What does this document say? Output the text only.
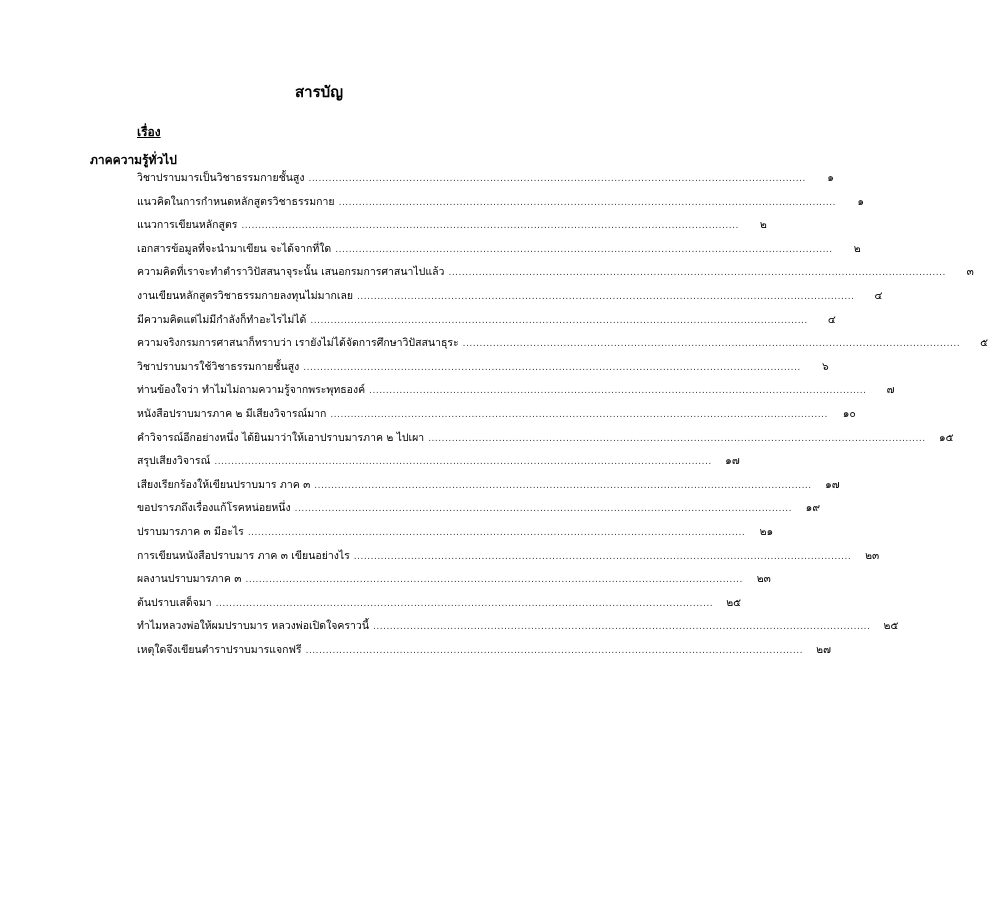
สารบัญ
เรื่อง
ภาคความรู้ทั่วไป
วิชาปราบมารเป็นวิชาธรรมกายชั้นสูง ....................................................................................................................................................	๑
แนวคิดในการกำหนดหลักสูตรวิชาธรรมกาย ....................................................................................................................................................	๑
แนวการเขียนหลักสูตร ....................................................................................................................................................	๒
เอกสารข้อมูลที่จะนำมาเขียน จะได้จากที่ใด ....................................................................................................................................................	๒
ความคิดที่เราจะทำตำราวิปัสสนาจุระนั้น เสนอกรมการศาสนาไปแล้ว ....................................................................................................................................................	๓
งานเขียนหลักสูตรวิชาธรรมกายลงทุนไม่มากเลย ....................................................................................................................................................	๔
มีความคิดแต่ไม่มีกำลังก็ทำอะไรไม่ได้ ....................................................................................................................................................	๔
ความจริงกรมการศาสนาก็ทราบว่า เรายังไม่ได้จัดการศึกษาวิปัสสนาธุระ ....................................................................................................................................................	๕
วิชาปราบมารใช้วิชาธรรมกายชั้นสูง ....................................................................................................................................................	๖
ท่านข้องใจว่า ทำไมไม่ถามความรู้จากพระพุทธองค์ ....................................................................................................................................................	๗
หนังสือปราบมารภาค ๒ มีเสียงวิจารณ์มาก ....................................................................................................................................................	๑๐
คำวิจารณ์อีกอย่างหนึ่ง ได้ยินมาว่าให้เอาปราบมารภาค ๒ ไปเผา ....................................................................................................................................................	๑๕
สรุปเสียงวิจารณ์ ....................................................................................................................................................	๑๗
เสียงเรียกร้องให้เขียนปราบมาร ภาค ๓ ....................................................................................................................................................	๑๗
ขอปรารภถึงเรื่องแก้โรคหน่อยหนึ่ง ....................................................................................................................................................	๑๙
ปราบมารภาค ๓ มีอะไร ....................................................................................................................................................	๒๑
การเขียนหนังสือปราบมาร ภาค ๓ เขียนอย่างไร ....................................................................................................................................................	๒๓
ผลงานปราบมารภาค ๓ ....................................................................................................................................................	๒๓
ต้นปราบเสด็จมา ....................................................................................................................................................	๒๕
ทำไมหลวงพ่อให้ผมปราบมาร หลวงพ่อเปิดใจคราวนี้ ....................................................................................................................................................	๒๕
เหตุใดจึงเขียนตำราปราบมารแจกฟรี ....................................................................................................................................................	๒๗
